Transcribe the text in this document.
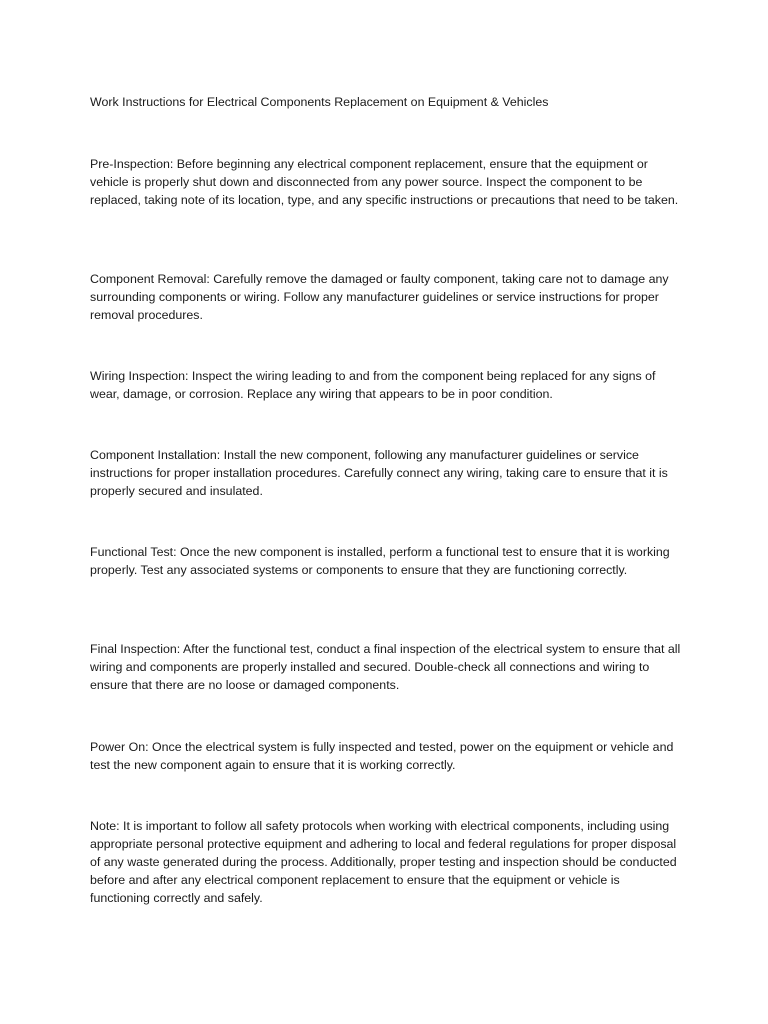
Work Instructions for Electrical Components Replacement on Equipment & Vehicles

Pre-Inspection: Before beginning any electrical component replacement, ensure that the equipment or vehicle is properly shut down and disconnected from any power source. Inspect the component to be replaced, taking note of its location, type, and any specific instructions or precautions that need to be taken.

Component Removal: Carefully remove the damaged or faulty component, taking care not to damage any surrounding components or wiring. Follow any manufacturer guidelines or service instructions for proper removal procedures.

Wiring Inspection: Inspect the wiring leading to and from the component being replaced for any signs of wear, damage, or corrosion. Replace any wiring that appears to be in poor condition.

Component Installation: Install the new component, following any manufacturer guidelines or service instructions for proper installation procedures. Carefully connect any wiring, taking care to ensure that it is properly secured and insulated.

Functional Test: Once the new component is installed, perform a functional test to ensure that it is working properly. Test any associated systems or components to ensure that they are functioning correctly.

Final Inspection: After the functional test, conduct a final inspection of the electrical system to ensure that all wiring and components are properly installed and secured. Double-check all connections and wiring to ensure that there are no loose or damaged components.

Power On: Once the electrical system is fully inspected and tested, power on the equipment or vehicle and test the new component again to ensure that it is working correctly.

Note: It is important to follow all safety protocols when working with electrical components, including using appropriate personal protective equipment and adhering to local and federal regulations for proper disposal of any waste generated during the process. Additionally, proper testing and inspection should be conducted before and after any electrical component replacement to ensure that the equipment or vehicle is functioning correctly and safely.
